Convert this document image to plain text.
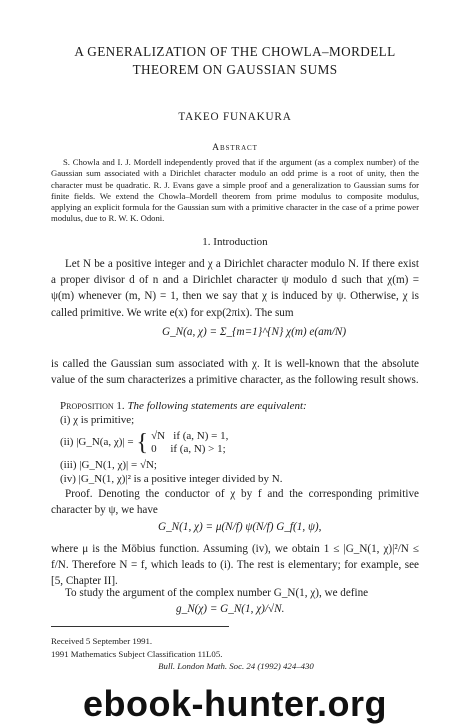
A GENERALIZATION OF THE CHOWLA–MORDELL
THEOREM ON GAUSSIAN SUMS
TAKEO FUNAKURA
Abstract
S. Chowla and I. J. Mordell independently proved that if the argument (as a complex number) of the Gaussian sum associated with a Dirichlet character modulo an odd prime is a root of unity, then the character must be quadratic. R. J. Evans gave a simple proof and a generalization to Gaussian sums for finite fields. We extend the Chowla–Mordell theorem from prime modulus to composite modulus, applying an explicit formula for the Gaussian sum with a primitive character in the case of a prime power modulus, due to R. W. K. Odoni.
1. Introduction
Let N be a positive integer and χ a Dirichlet character modulo N. If there exist a proper divisor d of n and a Dirichlet character ψ modulo d such that χ(m) = ψ(m) whenever (m, N) = 1, then we say that χ is induced by ψ. Otherwise, χ is called primitive. We write e(x) for exp(2πix). The sum
G_N(a, χ) = Σ_{m=1}^{N} χ(m) e(am/N)
is called the Gaussian sum associated with χ. It is well-known that the absolute value of the sum characterizes a primitive character, as the following result shows.
Proposition 1. The following statements are equivalent:
(i) χ is primitive;
(ii) |G_N(a, χ)| = { √N   if (a, N) = 1,
0     if (a, N) > 1;
(iii) |G_N(1, χ)| = √N;
(iv) |G_N(1, χ)|² is a positive integer divided by N.
Proof. Denoting the conductor of χ by f and the corresponding primitive character by ψ, we have
G_N(1, χ) = μ(N/f) ψ(N/f) G_f(1, ψ),
where μ is the Möbius function. Assuming (iv), we obtain 1 ≤ |G_N(1, χ)|²/N ≤ f/N. Therefore N = f, which leads to (i). The rest is elementary; for example, see [5, Chapter II].
To study the argument of the complex number G_N(1, χ), we define
g_N(χ) = G_N(1, χ)/√N.
Received 5 September 1991.
1991 Mathematics Subject Classification 11L05.
Bull. London Math. Soc. 24 (1992) 424–430
ebook-hunter.org
